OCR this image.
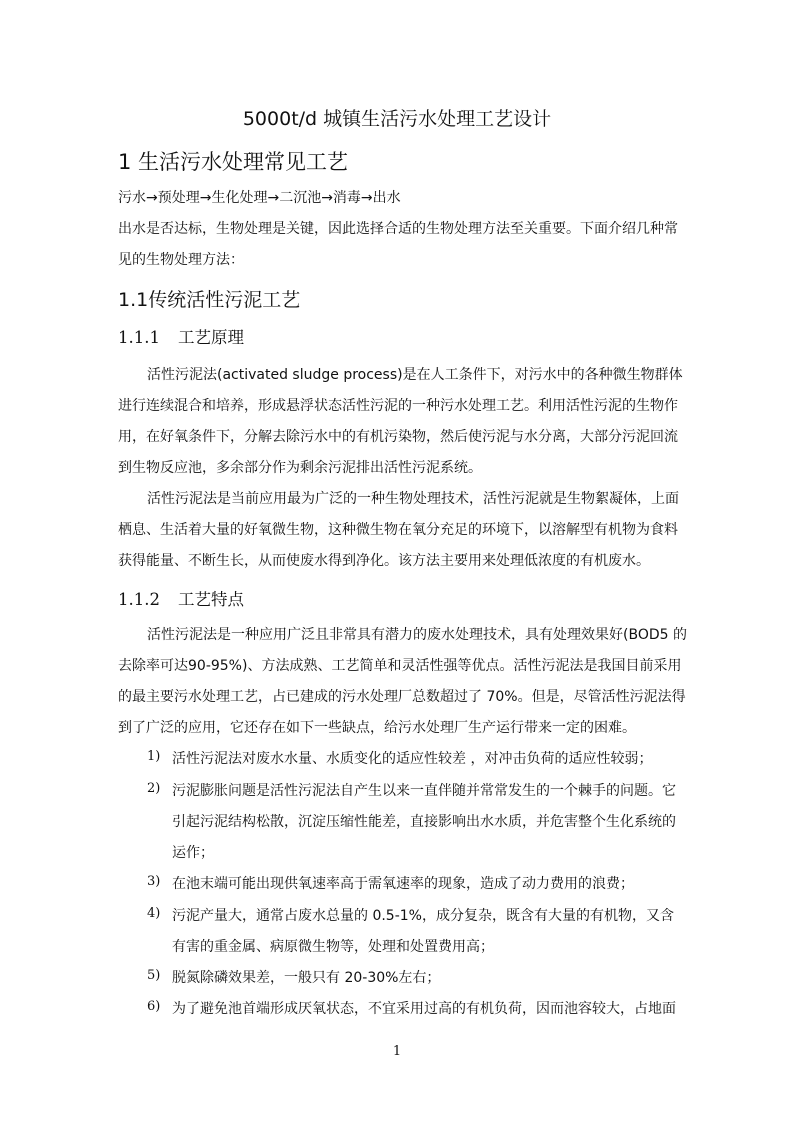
5000t/d 城镇生活污水处理工艺设计
1 生活污水处理常见工艺
污水→预处理→生化处理→二沉池→消毒→出水
出水是否达标，生物处理是关键，因此选择合适的生物处理方法至关重要。下面介绍几种常
见的生物处理方法：
1.1传统活性污泥工艺
1.1.1 工艺原理
活性污泥法(activated sludge process)是在人工条件下，对污水中的各种微生物群体
进行连续混合和培养，形成悬浮状态活性污泥的一种污水处理工艺。利用活性污泥的生物作
用，在好氧条件下，分解去除污水中的有机污染物，然后使污泥与水分离，大部分污泥回流
到生物反应池，多余部分作为剩余污泥排出活性污泥系统。
活性污泥法是当前应用最为广泛的一种生物处理技术，活性污泥就是生物絮凝体，上面
栖息、生活着大量的好氧微生物，这种微生物在氧分充足的环境下，以溶解型有机物为食料
获得能量、不断生长，从而使废水得到净化。该方法主要用来处理低浓度的有机废水。
1.1.2 工艺特点
活性污泥法是一种应用广泛且非常具有潜力的废水处理技术，具有处理效果好(BOD5 的
去除率可达90-95%)、方法成熟、工艺简单和灵活性强等优点。活性污泥法是我国目前采用
的最主要污水处理工艺，占已建成的污水处理厂总数超过了 70%。但是，尽管活性污泥法得
到了广泛的应用，它还存在如下一些缺点，给污水处理厂生产运行带来一定的困难。
1) 活性污泥法对废水水量、水质变化的适应性较差 ，对冲击负荷的适应性较弱；
2) 污泥膨胀问题是活性污泥法自产生以来一直伴随并常常发生的一个棘手的问题。它
引起污泥结构松散，沉淀压缩性能差，直接影响出水水质，并危害整个生化系统的
运作；
3) 在池末端可能出现供氧速率高于需氧速率的现象，造成了动力费用的浪费；
4) 污泥产量大，通常占废水总量的 0.5-1%，成分复杂，既含有大量的有机物，又含
有害的重金属、病原微生物等，处理和处置费用高；
5) 脱氮除磷效果差，一般只有 20-30%左右；
6) 为了避免池首端形成厌氧状态，不宜采用过高的有机负荷，因而池容较大，占地面
1
